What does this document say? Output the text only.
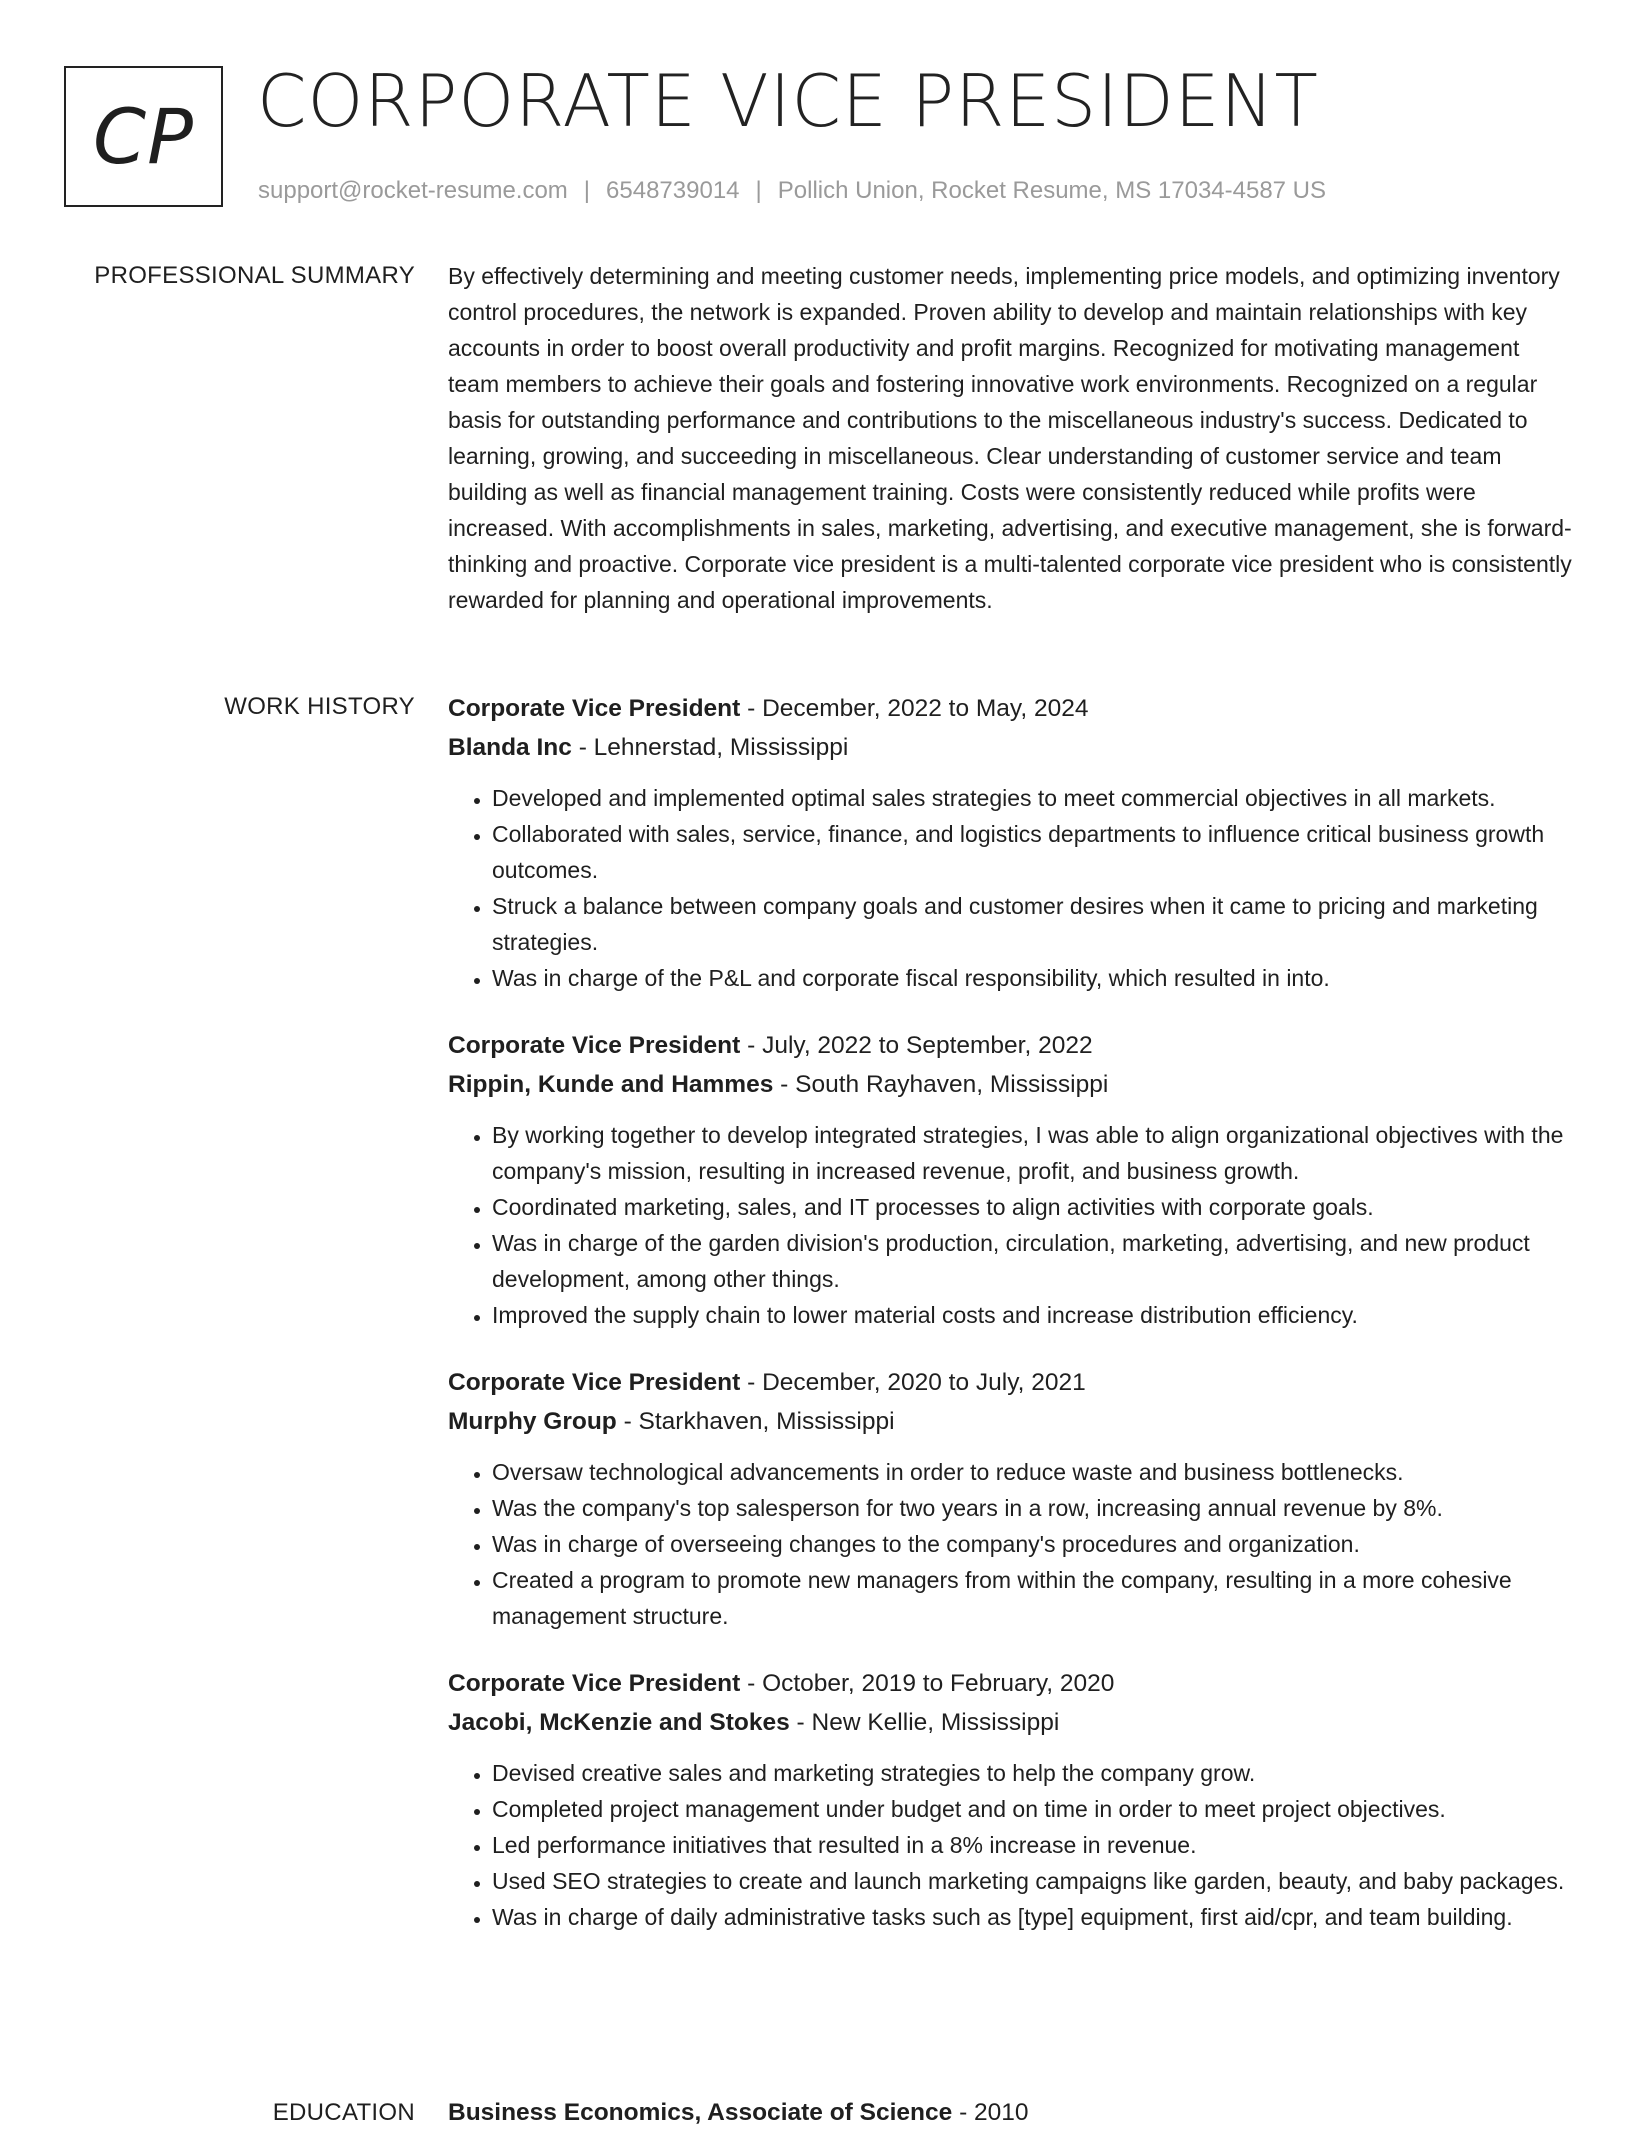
CP CORPORATE VICE PRESIDENT
support@rocket-resume.com | 6548739014 | Pollich Union, Rocket Resume, MS 17034-4587 US
PROFESSIONAL SUMMARY By effectively determining and meeting customer needs, implementing price models, and optimizing inventory control procedures, the network is expanded. Proven ability to develop and maintain relationships with key accounts in order to boost overall productivity and profit margins. Recognized for motivating management team members to achieve their goals and fostering innovative work environments. Recognized on a regular basis for outstanding performance and contributions to the miscellaneous industry's success. Dedicated to learning, growing, and succeeding in miscellaneous. Clear understanding of customer service and team building as well as financial management training. Costs were consistently reduced while profits were increased. With accomplishments in sales, marketing, advertising, and executive management, she is forward-thinking and proactive. Corporate vice president is a multi-talented corporate vice president who is consistently rewarded for planning and operational improvements.

WORK HISTORY Corporate Vice President - December, 2022 to May, 2024
Blanda Inc - Lehnerstad, Mississippi
• Developed and implemented optimal sales strategies to meet commercial objectives in all markets.
• Collaborated with sales, service, finance, and logistics departments to influence critical business growth outcomes.
• Struck a balance between company goals and customer desires when it came to pricing and marketing strategies.
• Was in charge of the P&L and corporate fiscal responsibility, which resulted in into.
Corporate Vice President - July, 2022 to September, 2022
Rippin, Kunde and Hammes - South Rayhaven, Mississippi
• By working together to develop integrated strategies, I was able to align organizational objectives with the company's mission, resulting in increased revenue, profit, and business growth.
• Coordinated marketing, sales, and IT processes to align activities with corporate goals.
• Was in charge of the garden division's production, circulation, marketing, advertising, and new product development, among other things.
• Improved the supply chain to lower material costs and increase distribution efficiency.
Corporate Vice President - December, 2020 to July, 2021
Murphy Group - Starkhaven, Mississippi
• Oversaw technological advancements in order to reduce waste and business bottlenecks.
• Was the company's top salesperson for two years in a row, increasing annual revenue by 8%.
• Was in charge of overseeing changes to the company's procedures and organization.
• Created a program to promote new managers from within the company, resulting in a more cohesive management structure.
Corporate Vice President - October, 2019 to February, 2020
Jacobi, McKenzie and Stokes - New Kellie, Mississippi
• Devised creative sales and marketing strategies to help the company grow.
• Completed project management under budget and on time in order to meet project objectives.
• Led performance initiatives that resulted in a 8% increase in revenue.
• Used SEO strategies to create and launch marketing campaigns like garden, beauty, and baby packages.
• Was in charge of daily administrative tasks such as [type] equipment, first aid/cpr, and team building.
EDUCATION Business Economics, Associate of Science - 2010
